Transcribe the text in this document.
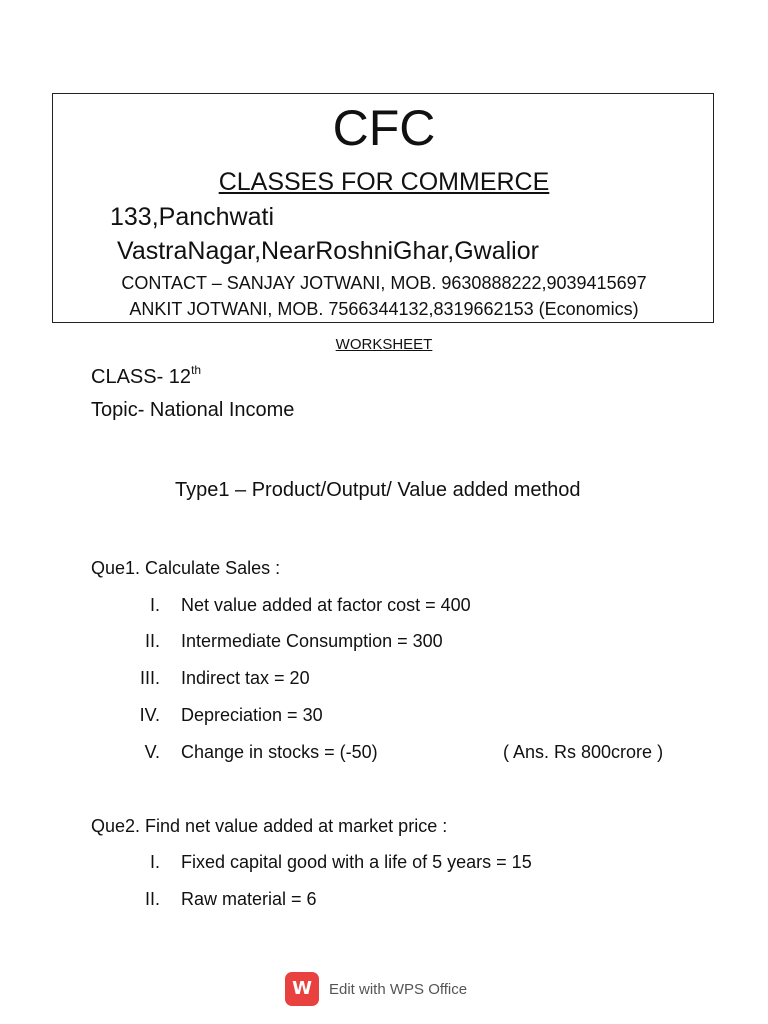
CFC
CLASSES FOR COMMERCE
133,Panchwati
VastraNagar,NearRoshniGhar,Gwalior
CONTACT – SANJAY JOTWANI, MOB. 9630888222,9039415697
ANKIT JOTWANI, MOB. 7566344132,8319662153 (Economics)
WORKSHEET
CLASS- 12th
Topic- National Income
Type1 – Product/Output/ Value added method
Que1. Calculate Sales :
I. Net value added at factor cost = 400
II. Intermediate Consumption = 300
III. Indirect tax = 20
IV. Depreciation = 30
V. Change in stocks = (-50)	( Ans. Rs 800crore )
Que2. Find net value added at market price :
I. Fixed capital good with a life of 5 years = 15
II. Raw material = 6
W	Edit with WPS Office
